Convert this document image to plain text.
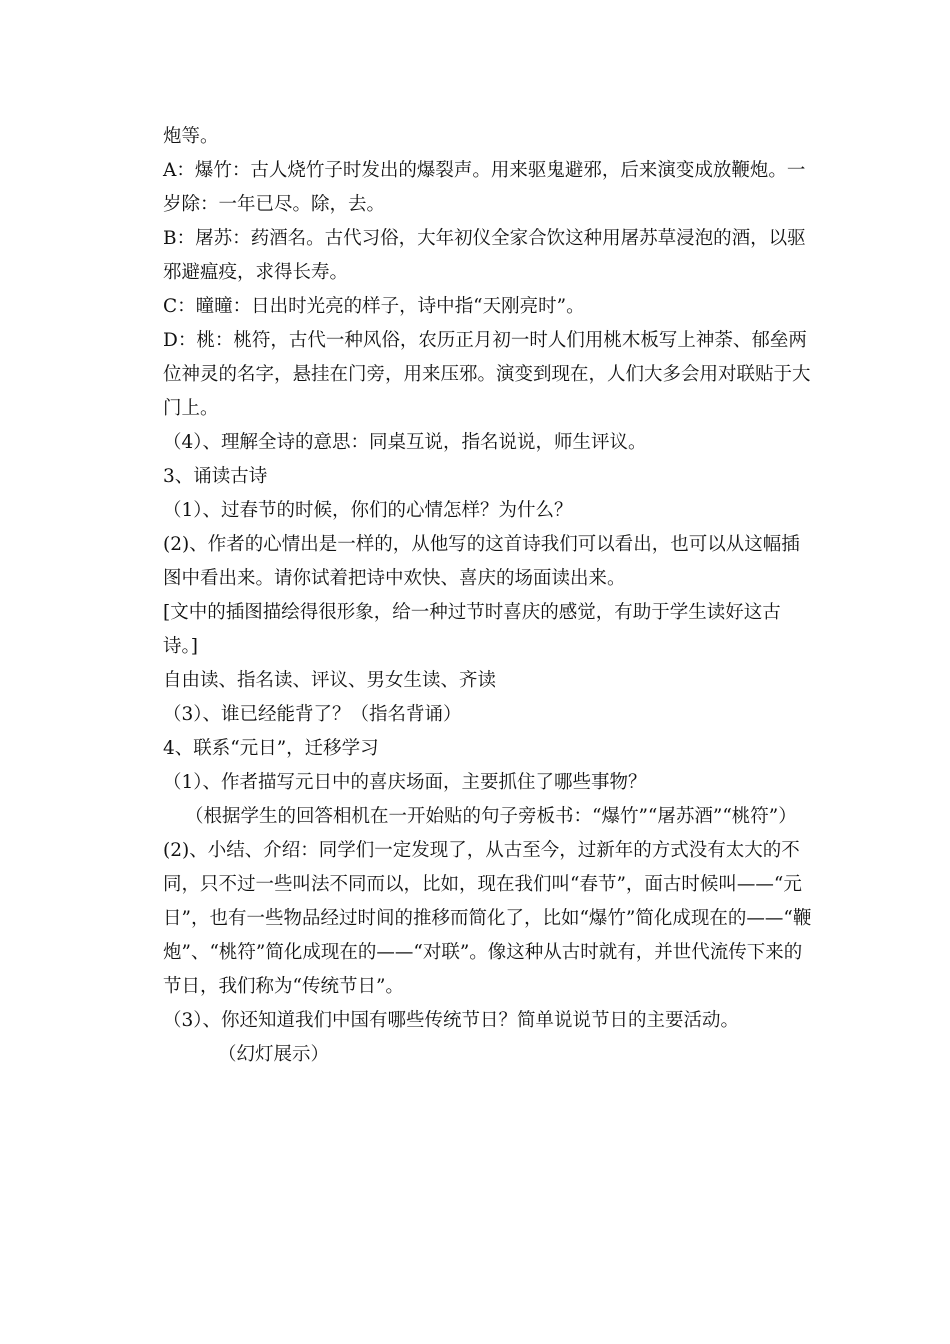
炮等。

A：爆竹：古人烧竹子时发出的爆裂声。用来驱鬼避邪，后来演变成放鞭炮。一岁除：一年已尽。除，去。

B：屠苏：药酒名。古代习俗，大年初仪全家合饮这种用屠苏草浸泡的酒，以驱邪避瘟疫，求得长寿。

C：曈曈：日出时光亮的样子，诗中指“天刚亮时”。

D：桃：桃符，古代一种风俗，农历正月初一时人们用桃木板写上神荼、郁垒两位神灵的名字，悬挂在门旁，用来压邪。演变到现在，人们大多会用对联贴于大门上。

（4）、理解全诗的意思：同桌互说，指名说说，师生评议。

3、诵读古诗

（1）、过春节的时候，你们的心情怎样？为什么？

(2)、作者的心情出是一样的，从他写的这首诗我们可以看出，也可以从这幅插图中看出来。请你试着把诗中欢快、喜庆的场面读出来。

[文中的插图描绘得很形象，给一种过节时喜庆的感觉，有助于学生读好这古诗。]

自由读、指名读、评议、男女生读、齐读

（3）、谁已经能背了？（指名背诵）

4、联系“元日”，迁移学习

（1）、作者描写元日中的喜庆场面，主要抓住了哪些事物？

（根据学生的回答相机在一开始贴的句子旁板书：“爆竹”“屠苏酒”“桃符”）

(2)、小结、介绍：同学们一定发现了，从古至今，过新年的方式没有太大的不同，只不过一些叫法不同而以，比如，现在我们叫“春节”，面古时候叫——“元日”，也有一些物品经过时间的推移而简化了，比如“爆竹”简化成现在的——“鞭炮”、“桃符”简化成现在的——“对联”。像这种从古时就有，并世代流传下来的节日，我们称为“传统节日”。

（3）、你还知道我们中国有哪些传统节日？简单说说节日的主要活动。

（幻灯展示）
